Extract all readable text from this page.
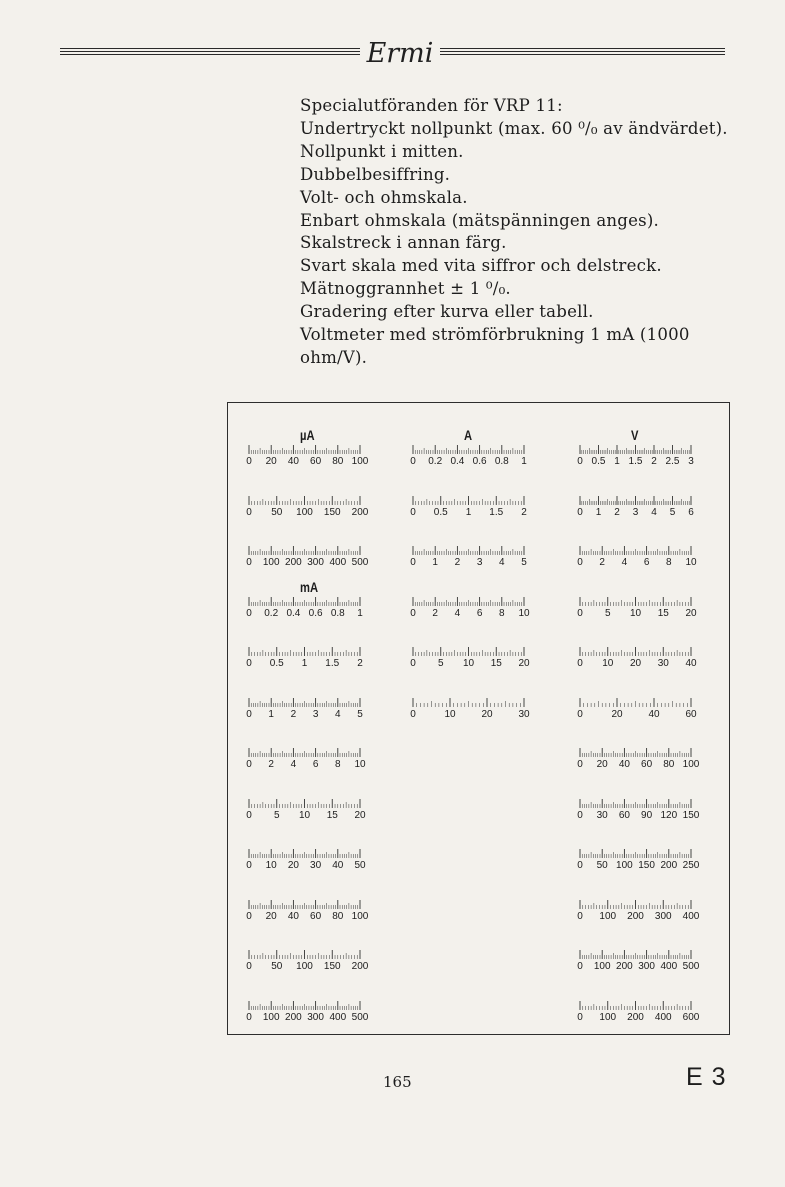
Ermi
Specialutföranden för VRP 11:
Undertryckt nollpunkt (max. 60 ⁰/₀ av ändvärdet).
Nollpunkt i mitten.
Dubbelbesiffring.
Volt- och ohmskala.
Enbart ohmskala (mätspänningen anges).
Skalstreck i annan färg.
Svart skala med vita siffror och delstreck.
Mätnoggrannhet ± 1 ⁰/₀.
Gradering efter kurva eller tabell.
Voltmeter med strömförbrukning 1 mA (1000
ohm/V).
µA
0 20 40 60 80 100
0 50 100 150 200
0 100 200 300 400 500
mA
0 0.2 0.4 0.6 0.8 1
0 0.5 1 1.5 2
0 1 2 3 4 5
0 2 4 6 8 10
0 5 10 15 20
0 10 20 30 40 50
0 20 40 60 80 100
0 50 100 150 200
0 100 200 300 400 500
A
0 0.2 0.4 0.6 0.8 1
0 0.5 1 1.5 2
0 1 2 3 4 5
0 2 4 6 8 10
0 5 10 15 20
0	10	20	30
V
0 0.5 1 1.5 2 2.5 3
0 1 2 3 4 5 6
0 2 4 6 8 10
0 5 10 15 20
0 10 20 30 40
0	20	40	60
0 20 40 60 80 100
0 30 60 90 120 150
0 50 100 150 200 250
0 100 200 300 400
0 100 200 300 400 500
0 100 200 400 600
165	E 3
